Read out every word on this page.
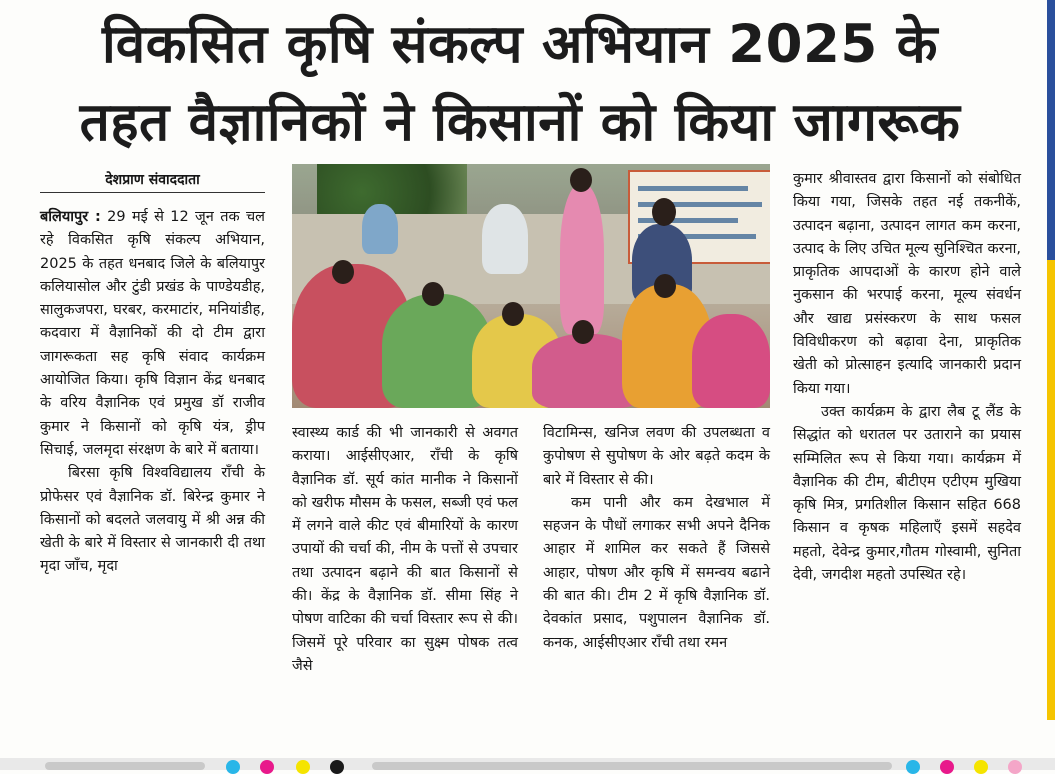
विकसित कृषि संकल्प अभियान 2025 के
तहत वैज्ञानिकों ने किसानों को किया जागरूक
देशप्राण संवाददाता

बलियापुर : 29 मई से 12 जून तक चल रहे विकसित कृषि संकल्प अभियान, 2025 के तहत धनबाद जिले के बलियापुर कलियासोल और टुंडी प्रखंड के पाण्डेयडीह, सालुकजपरा, घरबर, करमाटांर, मनियांडीह, कदवारा में वैज्ञानिकों की दो टीम द्वारा जागरूकता सह कृषि संवाद कार्यक्रम आयोजित किया। कृषि विज्ञान केंद्र धनबाद के वरिय वैज्ञानिक एवं प्रमुख डॉ राजीव कुमार ने किसानों को कृषि यंत्र, ड्रीप सिचाई, जलमृदा संरक्षण के बारे में बताया।

बिरसा कृषि विश्वविद्यालय राँची के प्रोफेसर एवं वैज्ञानिक डॉ. बिरेन्द्र कुमार ने किसानों को बदलते जलवायु में श्री अन्न की खेती के बारे में विस्तार से जानकारी दी तथा मृदा जाँच, मृदा

स्वास्थ्य कार्ड की भी जानकारी से अवगत कराया। आईसीएआर, राँची के कृषि वैज्ञानिक डॉ. सूर्य कांत मानीक ने किसानों को खरीफ मौसम के फसल, सब्जी एवं फल में लगने वाले कीट एवं बीमारियों के कारण उपायों की चर्चा की, नीम के पत्तों से उपचार तथा उत्पादन बढ़ाने की बात किसानों से की। केंद्र के वैज्ञानिक डॉ. सीमा सिंह ने पोषण वाटिका की चर्चा विस्तार रूप से की। जिसमें पूरे परिवार का सुक्ष्म पोषक तत्व जैसे

विटामिन्स, खनिज लवण की उपलब्धता व कुपोषण से सुपोषण के ओर बढ़ते कदम के बारे में विस्तार से की।

कम पानी और कम देखभाल में सहजन के पौधों लगाकर सभी अपने दैनिक आहार में शामिल कर सकते हैं जिससे आहार, पोषण और कृषि में समन्वय बढाने की बात की। टीम 2 में कृषि वैज्ञानिक डॉ. देवकांत प्रसाद, पशुपालन वैज्ञानिक डॉ. कनक, आईसीएआर राँची तथा रमन

कुमार श्रीवास्तव द्वारा किसानों को संबोधित किया गया, जिसके तहत नई तकनीकें, उत्पादन बढ़ाना, उत्पादन लागत कम करना, उत्पाद के लिए उचित मूल्य सुनिश्चित करना, प्राकृतिक आपदाओं के कारण होने वाले नुकसान की भरपाई करना, मूल्य संवर्धन और खाद्य प्रसंस्करण के साथ फसल विविधीकरण को बढ़ावा देना, प्राकृतिक खेती को प्रोत्साहन इत्यादि जानकारी प्रदान किया गया।

उक्त कार्यक्रम के द्वारा लैब टू लैंड के सिद्धांत को धरातल पर उताराने का प्रयास सम्मिलित रूप से किया गया। कार्यक्रम में वैज्ञानिक की टीम, बीटीएम एटीएम मुखिया कृषि मित्र, प्रगतिशील किसान सहित 668 किसान व कृषक महिलाएँ इसमें सहदेव महतो, देवेन्द्र कुमार,गौतम गोस्वामी, सुनिता देवी, जगदीश महतो उपस्थित रहे।
